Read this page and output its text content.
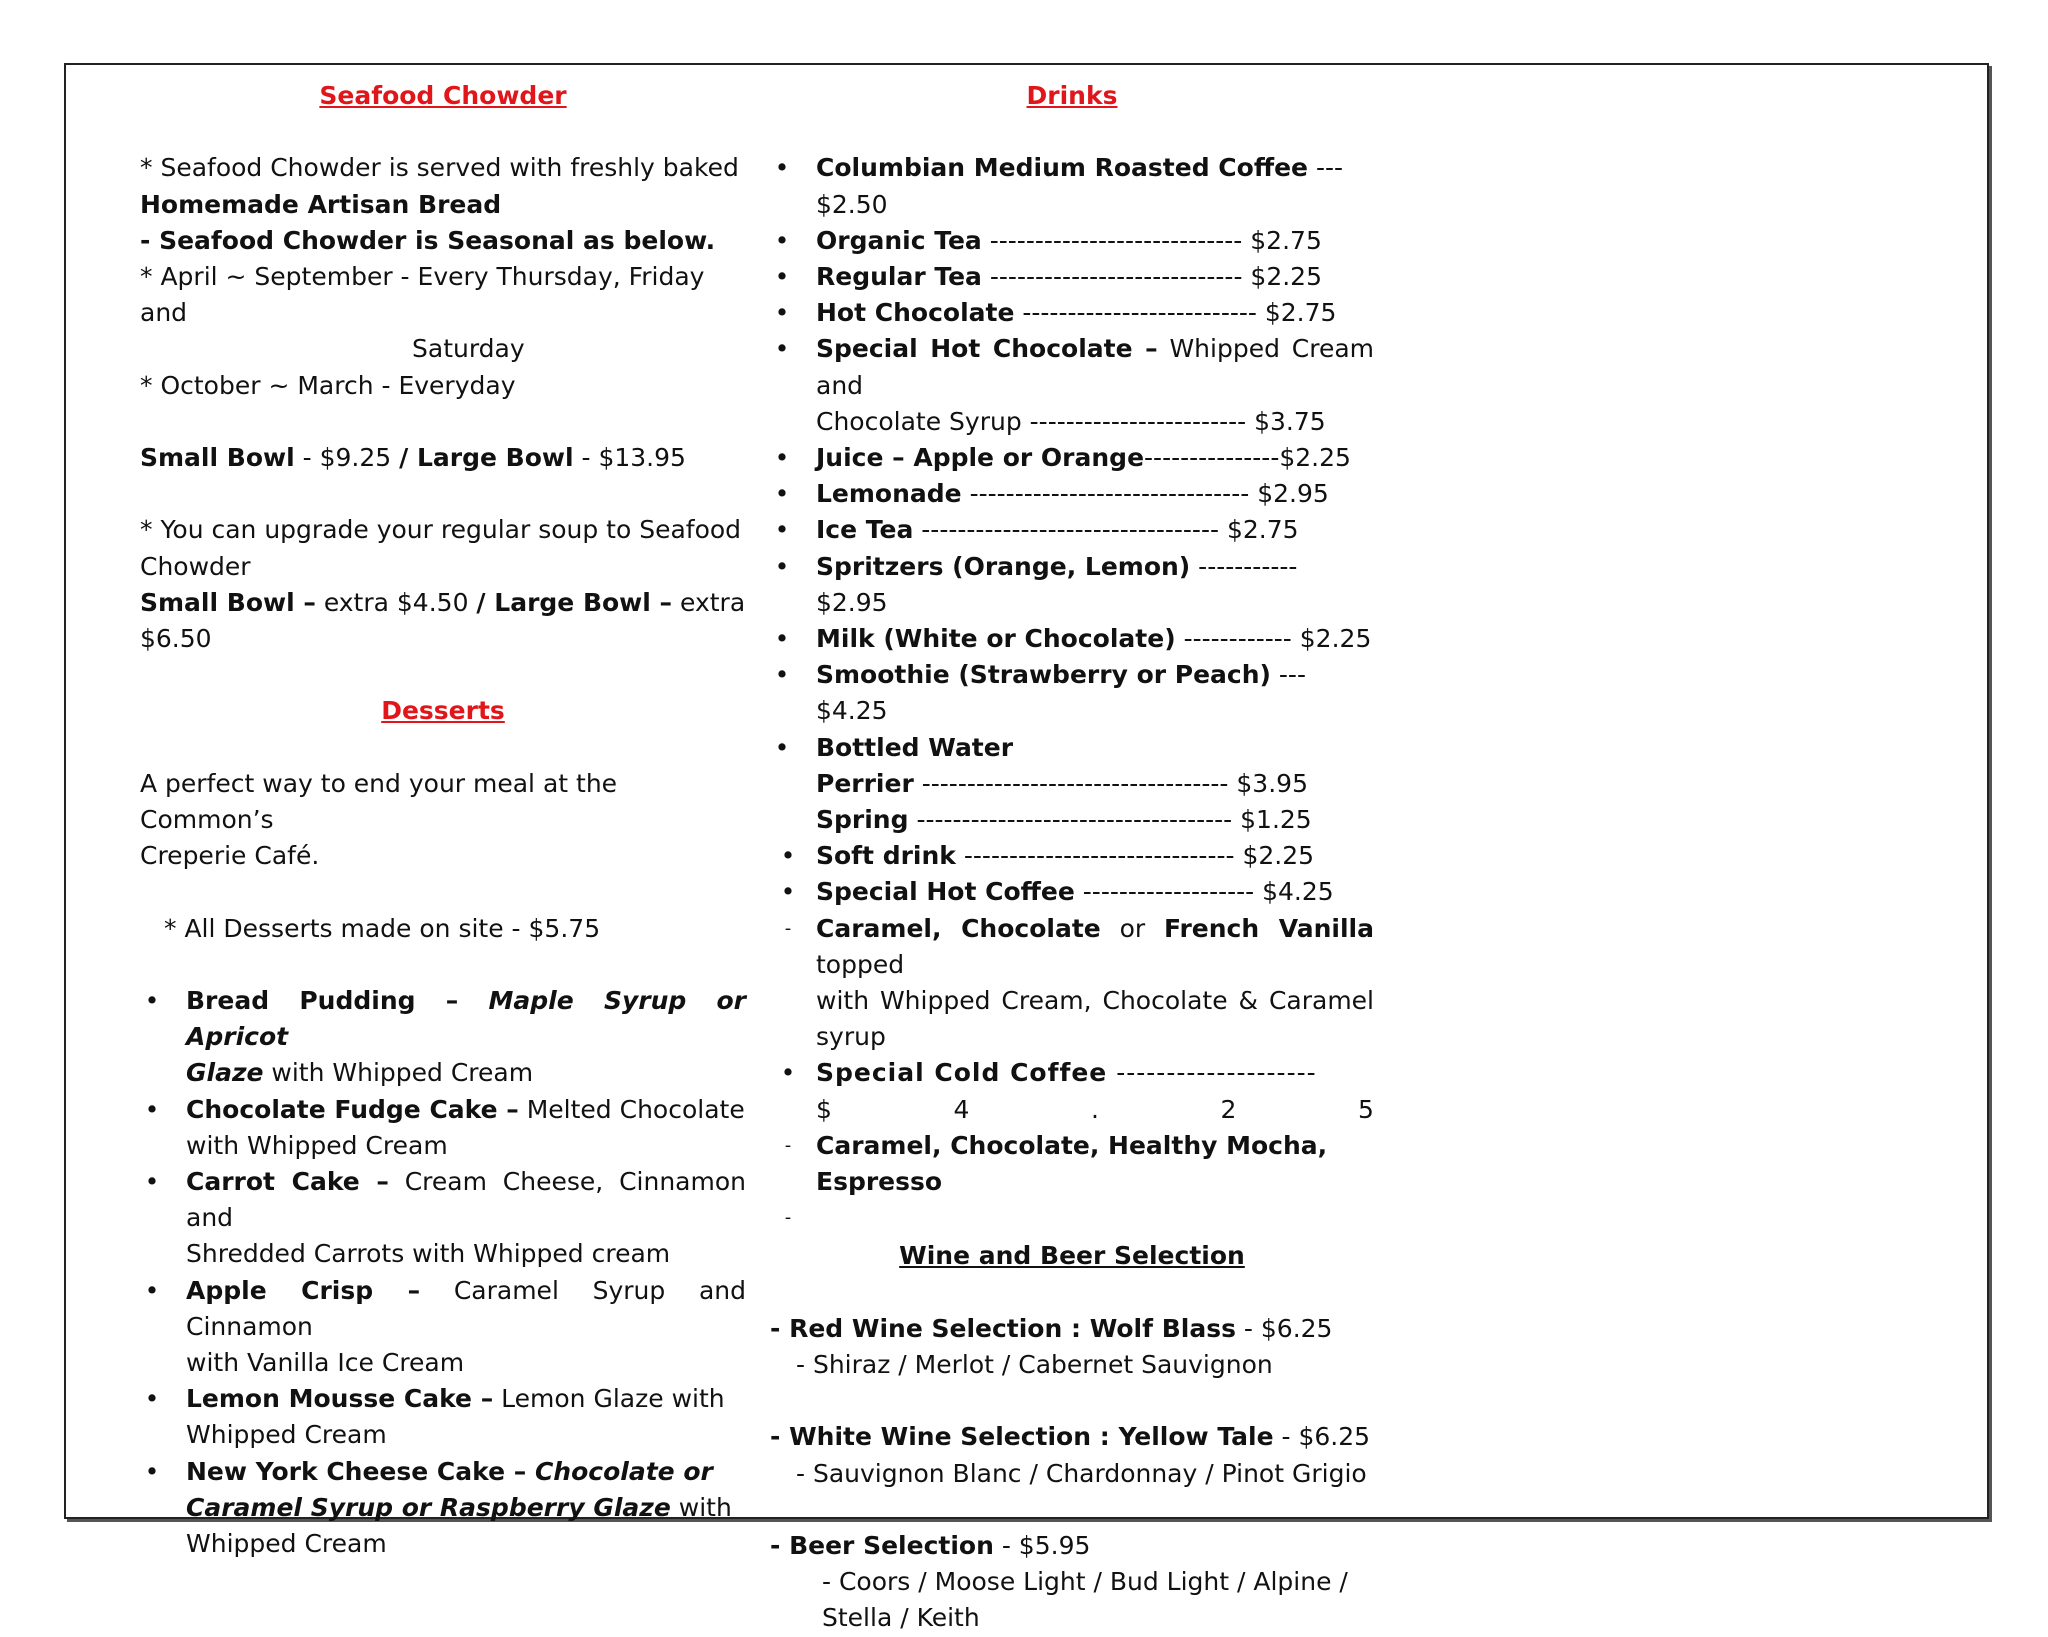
Seafood Chowder

* Seafood Chowder is served with freshly baked

Homemade Artisan Bread

- Seafood Chowder is Seasonal as below.

* April ~ September - Every Thursday, Friday and

Saturday

* October ~ March - Everyday

Small Bowl - $9.25 / Large Bowl - $13.95

* You can upgrade your regular soup to Seafood

Chowder

Small Bowl – extra $4.50 / Large Bowl – extra

$6.50

Desserts

A perfect way to end your meal at the Common’s

Creperie Café.

* All Desserts made on site - $5.75

• Bread Pudding – Maple Syrup or Apricot

Glaze with Whipped Cream

• Chocolate Fudge Cake – Melted Chocolate

with Whipped Cream

• Carrot Cake – Cream Cheese, Cinnamon and

Shredded Carrots with Whipped cream

• Apple Crisp – Caramel Syrup and Cinnamon

with Vanilla Ice Cream

• Lemon Mousse Cake – Lemon Glaze with

Whipped Cream

• New York Cheese Cake – Chocolate or

Caramel Syrup or Raspberry Glaze with

Whipped Cream

Drinks

• Columbian Medium Roasted Coffee --- $2.50
• Organic Tea ---------------------------- $2.75
• Regular Tea ---------------------------- $2.25
• Hot Chocolate -------------------------- $2.75
• Special Hot Chocolate – Whipped Cream and

Chocolate Syrup ------------------------ $3.75

• Juice – Apple or Orange---------------$2.25
• Lemonade ------------------------------- $2.95
• Ice Tea --------------------------------- $2.75
• Spritzers (Orange, Lemon) ----------- $2.95
• Milk (White or Chocolate) ------------ $2.25
• Smoothie (Strawberry or Peach) --- $4.25
• Bottled Water
Perrier ---------------------------------- $3.95
Spring ----------------------------------- $1.25
• Soft drink ------------------------------ $2.25
• Special Hot Coffee ------------------- $4.25
- Caramel, Chocolate or French Vanilla topped

with Whipped Cream, Chocolate & Caramel

syrup

• Special Cold Coffee --------------------

$	4	.	2	5

- Caramel, Chocolate, Healthy Mocha,

Espresso

-

Wine and Beer Selection

- Red Wine Selection : Wolf Blass - $6.25

- Shiraz / Merlot / Cabernet Sauvignon

- White Wine Selection : Yellow Tale - $6.25

- Sauvignon Blanc / Chardonnay / Pinot Grigio

- Beer Selection - $5.95

- Coors / Moose Light / Bud Light / Alpine /

Stella / Keith
